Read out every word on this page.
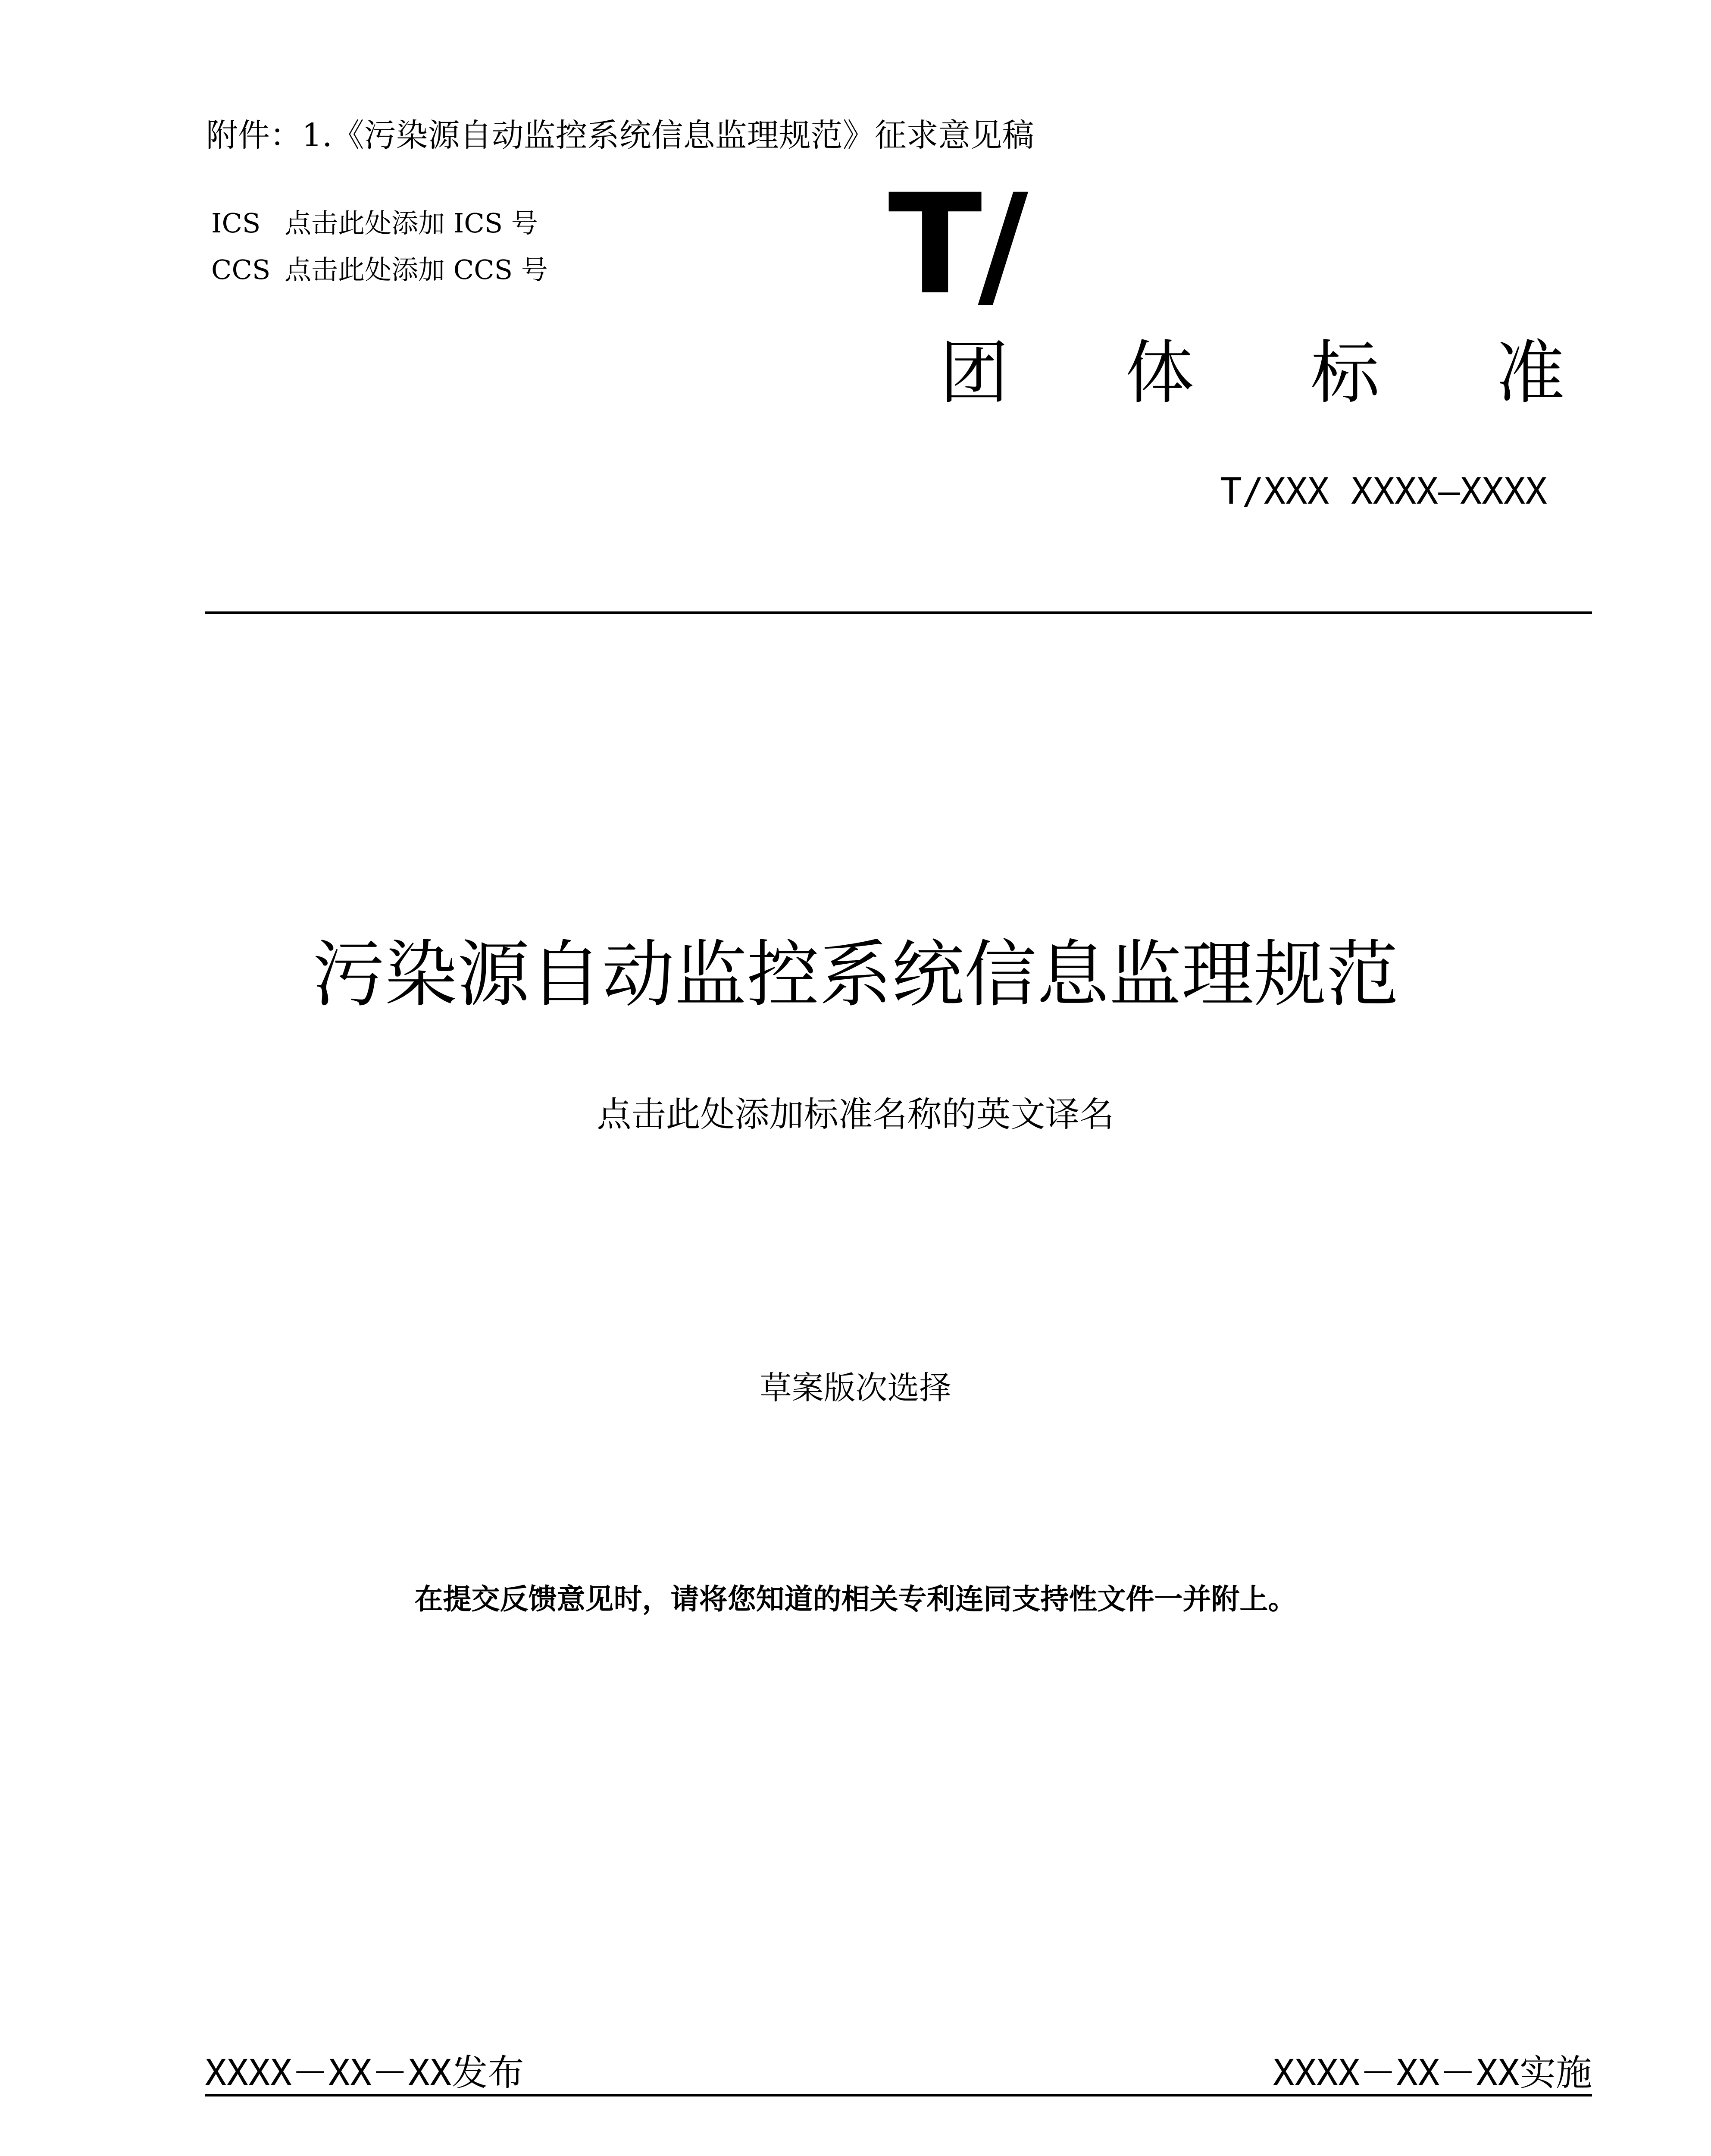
附件：1.《污染源自动监控系统信息监理规范》征求意见稿
ICS 点击此处添加 ICS 号
CCS 点击此处添加 CCS 号 T/
团	体	标	准
T/XXX XXXX—XXXX
污染源自动监控系统信息监理规范
点击此处添加标准名称的英文译名
草案版次选择
在提交反馈意见时，请将您知道的相关专利连同支持性文件一并附上。
XXXX－XX－XX发布	XXXX－XX－XX实施
